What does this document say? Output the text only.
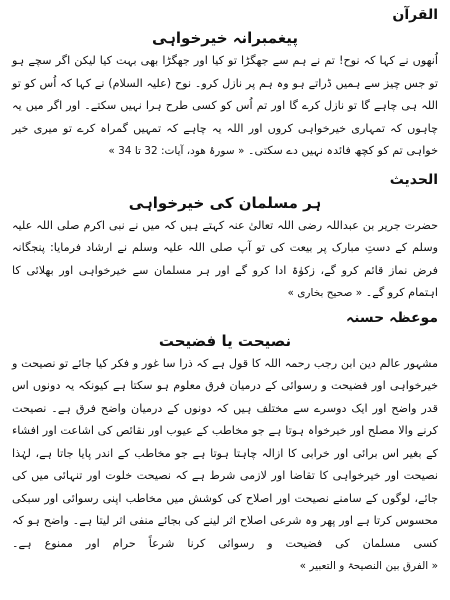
القرآن
پیغمبرانہ خیرخواہی

اُنھوں نے کہا کہ نوح! تم نے ہم سے جھگڑا تو کیا اور جھگڑا بھی بہت کیا لیکن اگر سچے ہو تو جس چیز سے ہمیں ڈراتے ہو وہ ہم پر نازل کرو۔ نوح (علیہ السلام) نے کہا کہ اُس کو تو اللہ ہی چاہے گا تو نازل کرے گا اور تم اُس کو کسی طرح ہرا نہیں سکتے۔ اور اگر میں یہ چاہوں کہ تمہاری خیرخواہی کروں اور اللہ یہ چاہے کہ تمہیں گمراہ کرے تو میری خیر خواہی تم کو کچھ فائدہ نہیں دے سکتی۔ « سورۂ ھود، آیات: 32 تا 34 »

الحدیث
ہر مسلمان کی خیرخواہی

حضرت جریر بن عبداللہ رضی اللہ تعالیٰ عنہ کہتے ہیں کہ میں نے نبی اکرم صلی اللہ علیہ وسلم کے دستِ مبارک پر بیعت کی تو آپ صلی اللہ علیہ وسلم نے ارشاد فرمایا: پنجگانہ فرض نماز قائم کرو گے، زکوٰۃ ادا کرو گے اور ہر مسلمان سے خیرخواہی اور بھلائی کا اہتمام کرو گے۔ « صحیح بخاری »

موعظہ حسنہ
نصیحت یا فضیحت

مشہور عالم دین ابن رجب رحمہ اللہ کا قول ہے کہ ذرا سا غور و فکر کیا جائے تو نصیحت و خیرخواہی اور فضیحت و رسوائی کے درمیان فرق معلوم ہو سکتا ہے کیونکہ یہ دونوں اس قدر واضح اور ایک دوسرے سے مختلف ہیں کہ دونوں کے درمیان واضح فرق ہے۔ نصیحت کرنے والا مصلح اور خیرخواہ ہوتا ہے جو مخاطب کے عیوب اور نقائص کی اشاعت اور افشاء کے بغیر اس برائی اور خرابی کا ازالہ چاہتا ہوتا ہے جو مخاطب کے اندر پایا جاتا ہے، لہٰذا نصیحت اور خیرخواہی کا تقاضا اور لازمی شرط ہے کہ نصیحت خلوت اور تنہائی میں کی جائے، لوگوں کے سامنے نصیحت اور اصلاح کی کوشش میں مخاطب اپنی رسوائی اور سبکی محسوس کرتا ہے اور پھر وہ شرعی اصلاح اثر لینے کی بجائے منفی اثر لیتا ہے۔ واضح ہو کہ کسی مسلمان کی فضیحت و رسوائی کرنا شرعاً حرام اور ممنوع ہے۔ « الفرق بین النصیحۃ و التعبیر »
